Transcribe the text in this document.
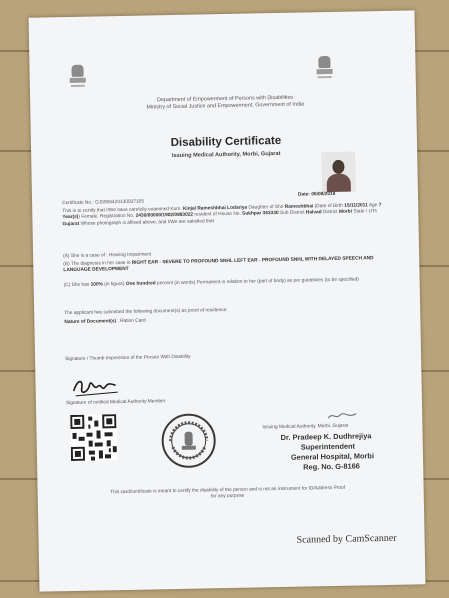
Department of Empowerment of Persons with Disabilities
Ministry of Social Justice and Empowerment, Government of India
Disability Certificate
Issuing Medical Authority, Morbi, Gujarat
Certificate No.: GJ5906420130037165
Date: 06/08/2019
This is to certify that I/We have carefully examined Kum. Kinjal Rameshbhai Lodariya Daughter of Shri Rameshbhai (Date of Birth 15/11/2011 Age 7 Year(s)) Female, Registration No. 2430/00000/1902/0983022 resident of House No. Sukhpar 363330 Sub District Halvad District Morbi State / UTs Gujarat Whose photograph is affixed above, and I/We are satisfied that
(A) She is a case of : Hearing Impairment
(B) The diagnosis in her case is RIGHT EAR - SEVERE TO PROFOUND SNHL LEFT EAR - PROFOUND SNHL WITH DELAYED SPEECH AND LANGUAGE DEVELOPMENT
(C) She has 100% (in figure) One hundred percent (in words) Permanent in relation to her (part of body) as per guidelines (to be specified)
The applicant has submitted the following document(s) as proof of residence:
Nature of Document(s) : Ration Card
Signature / Thumb Impression of the Person With Disability
Signature of notified Medical Authority Member
Issuing Medical Authority, Morbi, Gujarat
Dr. Pradeep K. Dudhrejiya
Superintendent
General Hospital, Morbi
Reg. No. G-8166
This card/certificate is meant to certify the disability of the person and is not an instrument for ID/Address Proof for any purpose
Scanned by CamScanner
